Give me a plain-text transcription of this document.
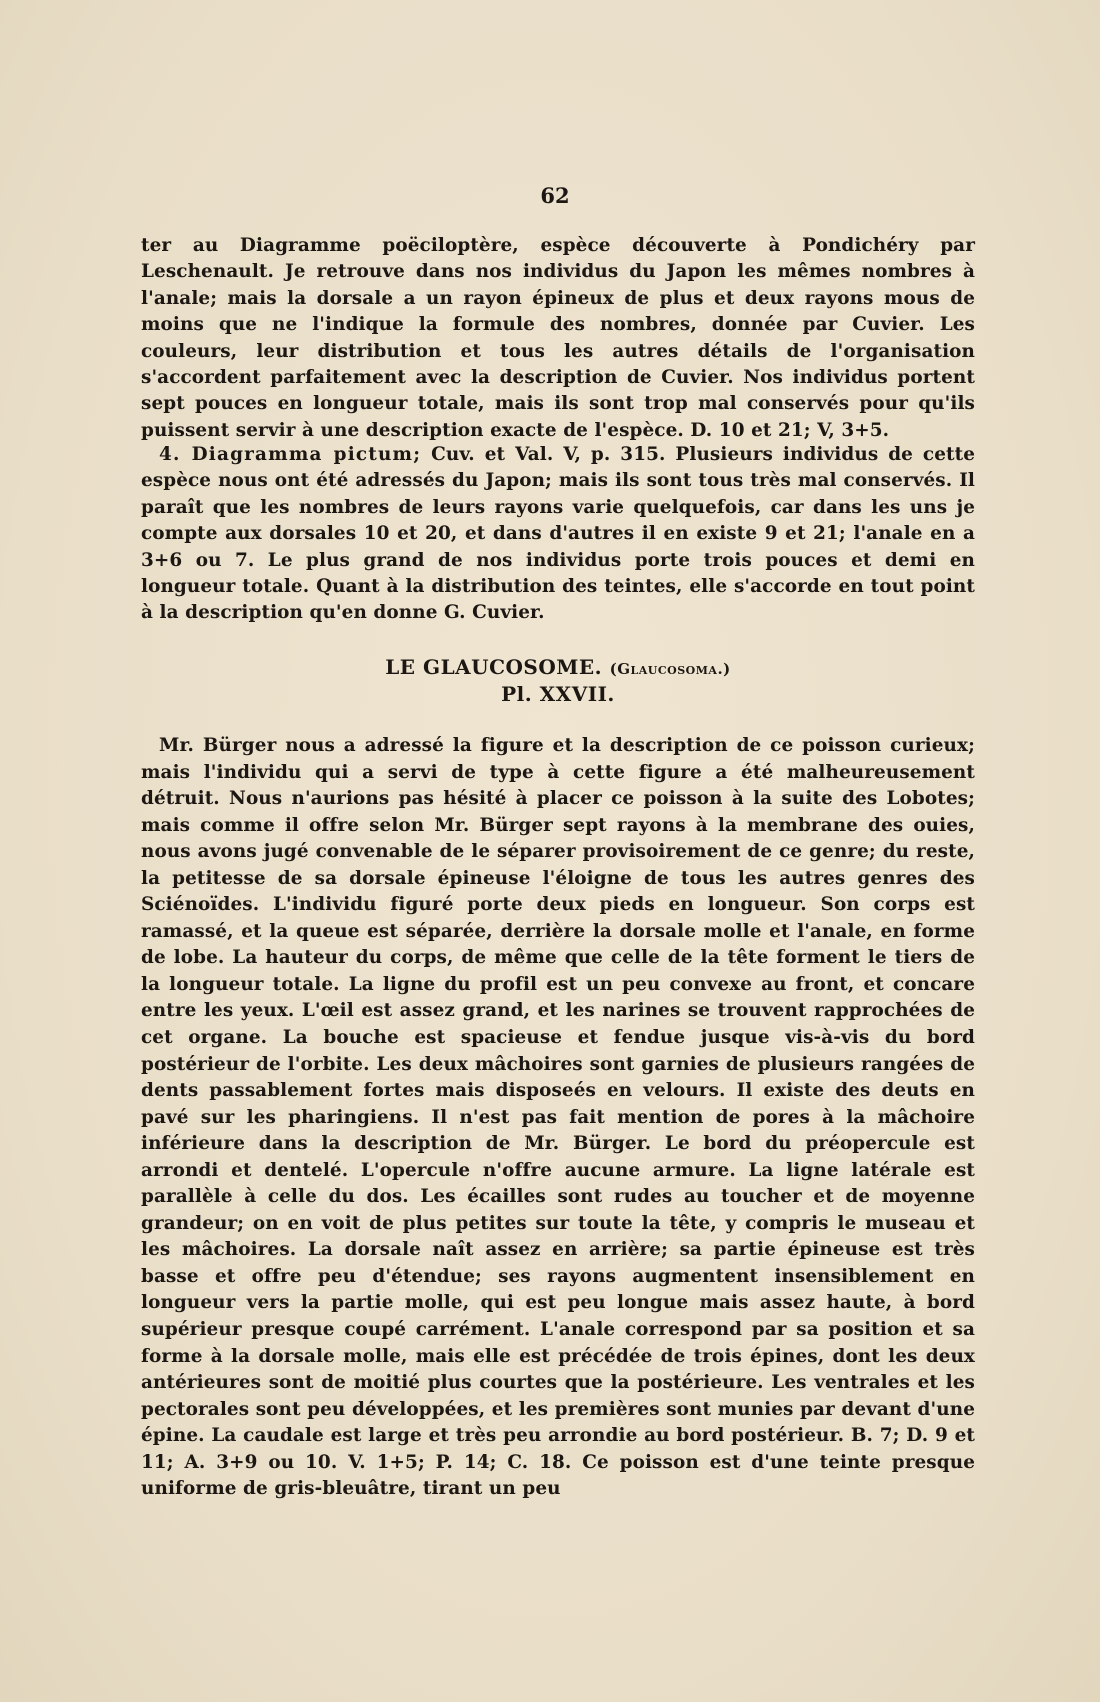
62

ter au Diagramme poëciloptère, espèce découverte à Pondichéry par Leschenault. Je retrouve dans nos individus du Japon les mêmes nombres à l'anale; mais la dorsale a un rayon épineux de plus et deux rayons mous de moins que ne l'indique la formule des nombres, donnée par Cuvier. Les couleurs, leur distribution et tous les autres détails de l'organisation s'accordent parfaitement avec la description de Cuvier. Nos individus portent sept pouces en longueur totale, mais ils sont trop mal conservés pour qu'ils puissent servir à une description exacte de l'espèce. D. 10 et 21; V, 3+5.

4. Diagramma pictum; Cuv. et Val. V, p. 315. Plusieurs individus de cette espèce nous ont été adressés du Japon; mais ils sont tous très mal conservés. Il paraît que les nombres de leurs rayons varie quelquefois, car dans les uns je compte aux dorsales 10 et 20, et dans d'autres il en existe 9 et 21; l'anale en a 3+6 ou 7. Le plus grand de nos individus porte trois pouces et demi en longueur totale. Quant à la distribution des teintes, elle s'accorde en tout point à la description qu'en donne G. Cuvier.

LE GLAUCOSOME. (Glaucosoma.)
Pl. XXVII.

Mr. Bürger nous a adressé la figure et la description de ce poisson curieux; mais l'individu qui a servi de type à cette figure a été malheureusement détruit. Nous n'aurions pas hésité à placer ce poisson à la suite des Lobotes; mais comme il offre selon Mr. Bürger sept rayons à la membrane des ouies, nous avons jugé convenable de le séparer provisoirement de ce genre; du reste, la petitesse de sa dorsale épineuse l'éloigne de tous les autres genres des Sciénoïdes. L'individu figuré porte deux pieds en longueur. Son corps est ramassé, et la queue est séparée, derrière la dorsale molle et l'anale, en forme de lobe. La hauteur du corps, de même que celle de la tête forment le tiers de la longueur totale. La ligne du profil est un peu convexe au front, et concare entre les yeux. L'œil est assez grand, et les narines se trouvent rapprochées de cet organe. La bouche est spacieuse et fendue jusque vis-à-vis du bord postérieur de l'orbite. Les deux mâchoires sont garnies de plusieurs rangées de dents passablement fortes mais disposeés en velours. Il existe des deuts en pavé sur les pharingiens. Il n'est pas fait mention de pores à la mâchoire inférieure dans la description de Mr. Bürger. Le bord du préopercule est arrondi et dentelé. L'opercule n'offre aucune armure. La ligne latérale est parallèle à celle du dos. Les écailles sont rudes au toucher et de moyenne grandeur; on en voit de plus petites sur toute la tête, y compris le museau et les mâchoires. La dorsale naît assez en arrière; sa partie épineuse est très basse et offre peu d'étendue; ses rayons augmentent insensiblement en longueur vers la partie molle, qui est peu longue mais assez haute, à bord supérieur presque coupé carrément. L'anale correspond par sa position et sa forme à la dorsale molle, mais elle est précédée de trois épines, dont les deux antérieures sont de moitié plus courtes que la postérieure. Les ventrales et les pectorales sont peu développées, et les premières sont munies par devant d'une épine. La caudale est large et très peu arrondie au bord postérieur. B. 7; D. 9 et 11; A. 3+9 ou 10. V. 1+5; P. 14; C. 18. Ce poisson est d'une teinte presque uniforme de gris-bleuâtre, tirant un peu
